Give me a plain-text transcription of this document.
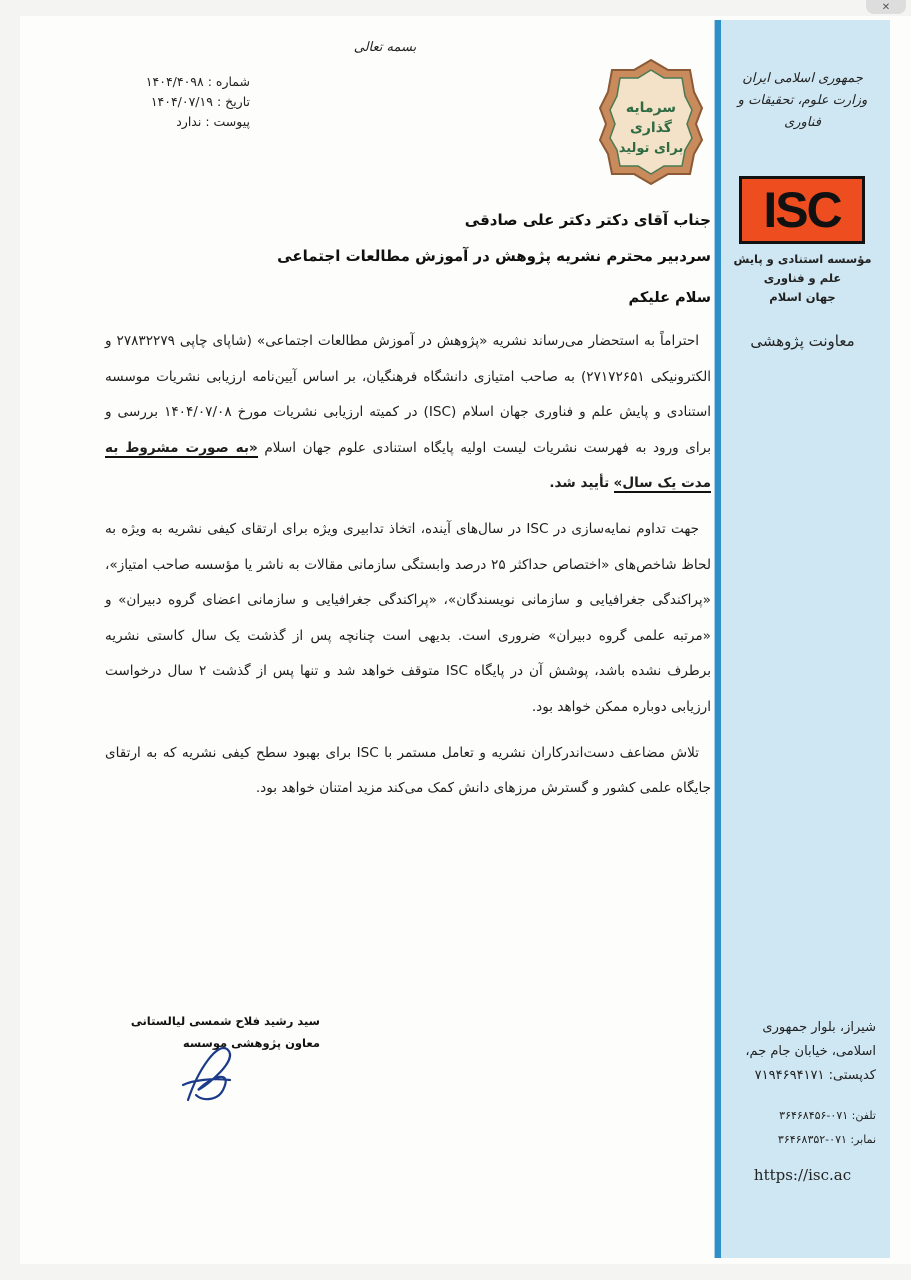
✕
جمهوری اسلامی ایران
وزارت علوم، تحقیقات و فناوری
ISC
مؤسسه استنادی و پایش علم و فناوری
جهان اسلام
معاونت پژوهشی
شیراز، بلوار جمهوری
اسلامی، خیابان جام جم،
کدپستی: ۷۱۹۴۶۹۴۱۷۱
تلفن: ۰۷۱-۳۶۴۶۸۴۵۶
نمابر: ۰۷۱-۳۶۴۶۸۳۵۲
https://isc.ac
بسمه تعالی
شماره : ۱۴۰۴/۴۰۹۸
تاریخ : ۱۴۰۴/۰۷/۱۹
پیوست : ندارد
سرمایه
گذاری
برای تولید
جناب آقای دکتر دکتر علی صادقی
سردبیر محترم نشریه پژوهش در آموزش مطالعات اجتماعی
سلام علیکم

احتراماً به استحضار می‌رساند نشریه «پژوهش در آموزش مطالعات اجتماعی» (شاپای چاپی ۲۷۸۳۲۲۷۹ و الکترونیکی ۲۷۱۷۲۶۵۱) به صاحب امتیازی دانشگاه فرهنگیان، بر اساس آیین‌نامه ارزیابی نشریات موسسه استنادی و پایش علم و فناوری جهان اسلام (ISC) در کمیته ارزیابی نشریات مورخ ۱۴۰۴/۰۷/۰۸ بررسی و برای ورود به فهرست نشریات لیست اولیه پایگاه استنادی علوم جهان اسلام «به صورت مشروط به مدت یک سال» تأیید شد.

جهت تداوم نمایه‌سازی در ISC در سال‌های آینده، اتخاذ تدابیری ویژه برای ارتقای کیفی نشریه به ویژه به لحاظ شاخص‌های «اختصاص حداکثر ۲۵ درصد وابستگی سازمانی مقالات به ناشر یا مؤسسه صاحب امتیاز»، «پراکندگی جغرافیایی و سازمانی نویسندگان»، «پراکندگی جغرافیایی و سازمانی اعضای گروه دبیران» و «مرتبه علمی گروه دبیران» ضروری است. بدیهی است چنانچه پس از گذشت یک سال کاستی نشریه برطرف نشده باشد، پوشش آن در پایگاه ISC متوقف خواهد شد و تنها پس از گذشت ۲ سال درخواست ارزیابی دوباره ممکن خواهد بود.

تلاش مضاعف دست‌اندرکاران نشریه و تعامل مستمر با ISC برای بهبود سطح کیفی نشریه که به ارتقای جایگاه علمی کشور و گسترش مرزهای دانش کمک می‌کند مزید امتنان خواهد بود.

سید رشید فلاح شمسی لیالستانی
معاون پژوهشی موسسه
